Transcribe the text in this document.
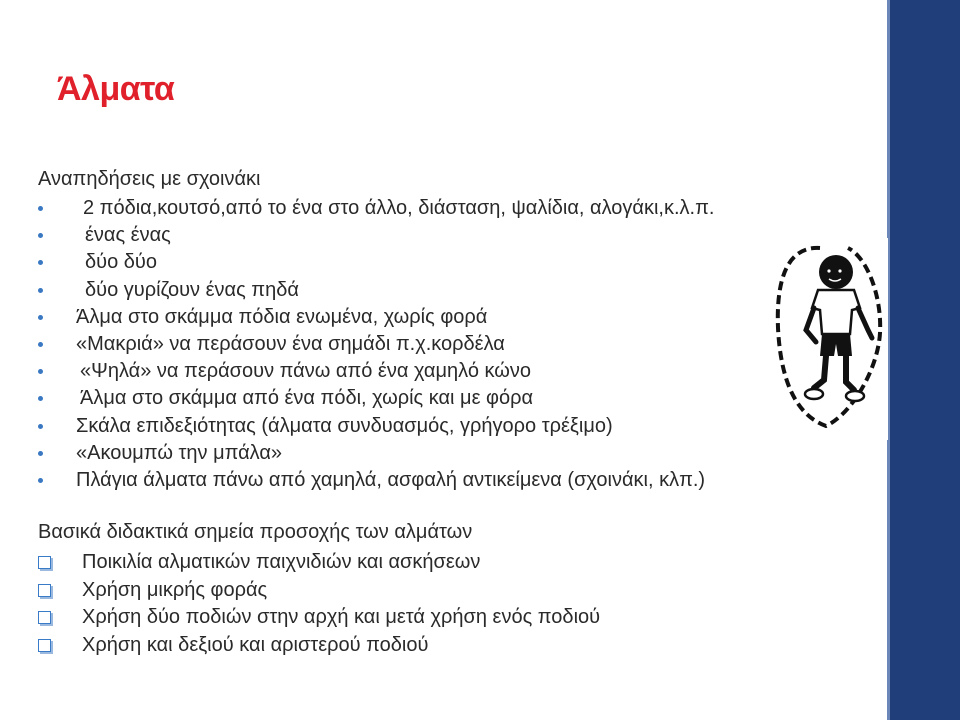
Άλματα
Αναπηδήσεις με σχοινάκι
2 πόδια,κουτσό,από το ένα στο άλλο, διάσταση, ψαλίδια, αλογάκι,κ.λ.π.
ένας ένας
δύο δύο
δύο γυρίζουν ένας πηδά
Άλμα στο σκάμμα πόδια ενωμένα, χωρίς φορά
«Μακριά» να περάσουν ένα σημάδι π.χ.κορδέλα
«Ψηλά» να περάσουν πάνω από ένα χαμηλό κώνο
Άλμα στο σκάμμα από ένα πόδι, χωρίς και με φόρα
Σκάλα επιδεξιότητας (άλματα συνδυασμός, γρήγορο τρέξιμο)
«Ακουμπώ την μπάλα»
Πλάγια άλματα πάνω από χαμηλά, ασφαλή αντικείμενα (σχοινάκι, κλπ.)
Βασικά διδακτικά σημεία προσοχής των αλμάτων
Ποικιλία αλματικών παιχνιδιών και ασκήσεων
Χρήση μικρής φοράς
Χρήση δύο ποδιών στην αρχή και μετά χρήση ενός ποδιού
Χρήση και δεξιού και αριστερού ποδιού
